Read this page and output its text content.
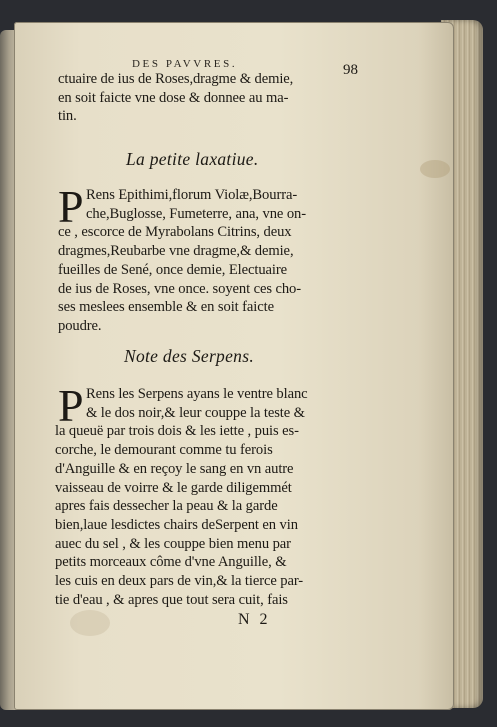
DES PAVVRES.	98
ctuaire de ius de Roses,dragme & demie,
en soit faicte vne dose & donnee au ma-
tin.
La petite laxatiue.
P Rens Epithimi,florum Violæ,Bourra-
che,Buglosse, Fumeterre, ana, vne on-
ce , escorce de Myrabolans Citrins, deux
dragmes,Reubarbe vne dragme,& demie,
fueilles de Sené, once demie, Electuaire
de ius de Roses, vne once. soyent ces cho-
ses meslees ensemble & en soit faicte
poudre.
Note des Serpens.
P Rens les Serpens ayans le ventre blanc
& le dos noir,& leur couppe la teste &
la queuë par trois dois & les iette , puis es-
corche, le demourant comme tu ferois
d'Anguille & en reçoy le sang en vn autre
vaisseau de voirre & le garde diligemmét
apres fais dessecher la peau & la garde
bien,laue lesdictes chairs deSerpent en vin
auec du sel , & les couppe bien menu par
petits morceaux côme d'vne Anguille, &
les cuis en deux pars de vin,& la tierce par-
tie d'eau , & apres que tout sera cuit, fais
N 2
